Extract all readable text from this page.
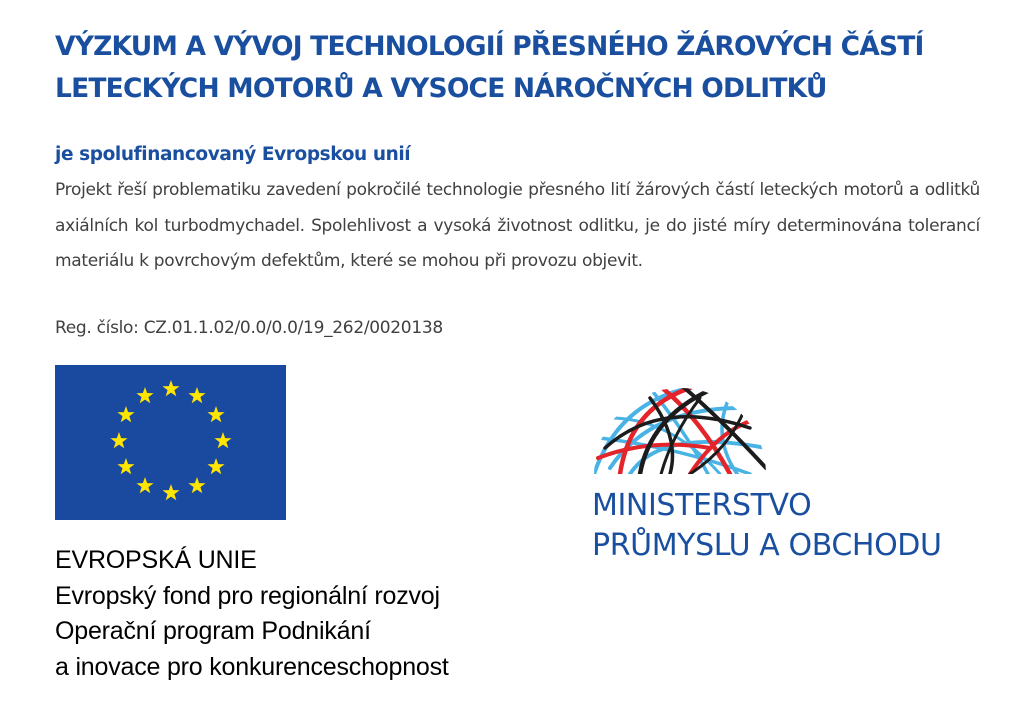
VÝZKUM A VÝVOJ TECHNOLOGIÍ PŘESNÉHO ŽÁROVÝCH ČÁSTÍ
LETECKÝCH MOTORŮ A VYSOCE NÁROČNÝCH ODLITKŮ

je spolufinancovaný Evropskou unií

Projekt řeší problematiku zavedení pokročilé technologie přesného lití žárových částí leteckých motorů a odlitků axiálních kol turbodmychadel. Spolehlivost a vysoká životnost odlitku, je do jisté míry determinována tolerancí materiálu k povrchovým defektům, které se mohou při provozu objevit.

Reg. číslo: CZ.01.1.02/0.0/0.0/19_262/0020138

EVROPSKÁ UNIE
Evropský fond pro regionální rozvoj
Operační program Podnikání
a inovace pro konkurenceschopnost
MINISTERSTVO
PRŮMYSLU A OBCHODU
